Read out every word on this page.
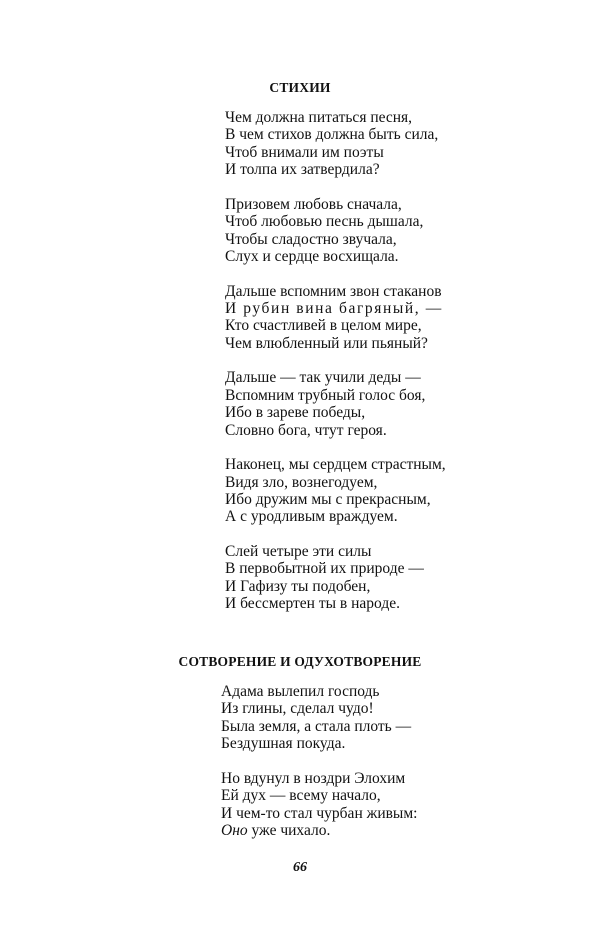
СТИХИИ
Чем должна питаться песня,
В чем стихов должна быть сила,
Чтоб внимали им поэты
И толпа их затвердила?
Призовем любовь сначала,
Чтоб любовью песнь дышала,
Чтобы сладостно звучала,
Слух и сердце восхищала.
Дальше вспомним звон стаканов
И рубин вина багряный, —
Кто счастливей в целом мире,
Чем влюбленный или пьяный?
Дальше — так учили деды —
Вспомним трубный голос боя,
Ибо в зареве победы,
Словно бога, чтут героя.
Наконец, мы сердцем страстным,
Видя зло, вознегодуем,
Ибо дружим мы с прекрасным,
А с уродливым враждуем.
Слей четыре эти силы
В первобытной их природе —
И Гафизу ты подобен,
И бессмертен ты в народе.
СОТВОРЕНИЕ И ОДУХОТВОРЕНИЕ
Адама вылепил господь
Из глины, сделал чудо!
Была земля, а стала плоть —
Бездушная покуда.
Но вдунул в ноздри Элохим
Ей дух — всему начало,
И чем-то стал чурбан живым:
Оно уже чихало.
66
